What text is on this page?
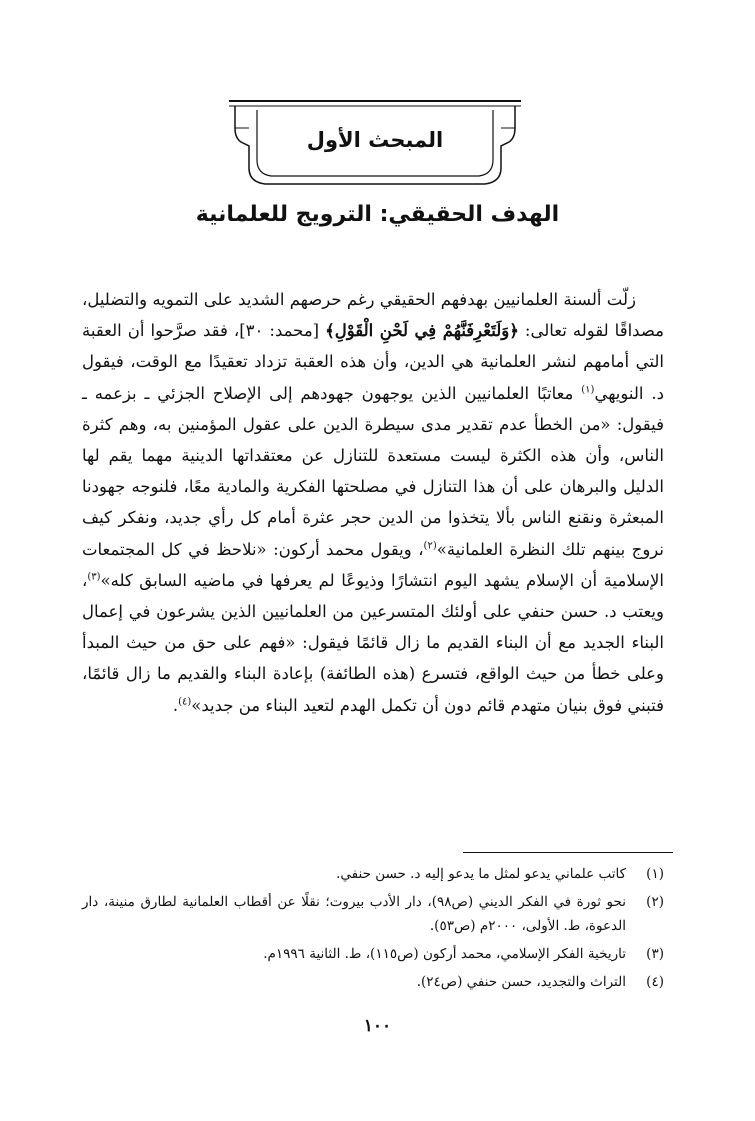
المبحث الأول
الهدف الحقيقي: الترويج للعلمانية

زلّت ألسنة العلمانيين بهدفهم الحقيقي رغم حرصهم الشديد على التمويه والتضليل، مصداقًا لقوله تعالى: ﴿وَلَتَعْرِفَنَّهُمْ فِي لَحْنِ الْقَوْلِ﴾ [محمد: ٣٠]، فقد صرَّحوا أن العقبة التي أمامهم لنشر العلمانية هي الدين، وأن هذه العقبة تزداد تعقيدًا مع الوقت، فيقول د. النويهي$^{(١)}$ معاتبًا العلمانيين الذين يوجهون جهودهم إلى الإصلاح الجزئي ـ بزعمه ـ فيقول: «من الخطأ عدم تقدير مدى سيطرة الدين على عقول المؤمنين به، وهم كثرة الناس، وأن هذه الكثرة ليست مستعدة للتنازل عن معتقداتها الدينية مهما يقم لها الدليل والبرهان على أن هذا التنازل في مصلحتها الفكرية والمادية معًا، فلنوجه جهودنا المبعثرة ونقنع الناس بألا يتخذوا من الدين حجر عثرة أمام كل رأي جديد، ونفكر كيف نروج بينهم تلك النظرة العلمانية»$^{(٢)}$، ويقول محمد أركون: «نلاحظ في كل المجتمعات الإسلامية أن الإسلام يشهد اليوم انتشارًا وذيوعًا لم يعرفها في ماضيه السابق كله»$^{(٣)}$، ويعتب د. حسن حنفي على أولئك المتسرعين من العلمانيين الذين يشرعون في إعمال البناء الجديد مع أن البناء القديم ما زال قائمًا فيقول: «فهم على حق من حيث المبدأ وعلى خطأ من حيث الواقع، فتسرع (هذه الطائفة) بإعادة البناء والقديم ما زال قائمًا، فتبني فوق بنيان متهدم قائم دون أن تكمل الهدم لتعيد البناء من جديد»$^{(٤)}$.

(١)
كاتب علماني يدعو لمثل ما يدعو إليه د. حسن حنفي.
(٢)
نحو ثورة في الفكر الديني (ص٩٨)، دار الأدب بيروت؛ نقلًا عن أقطاب العلمانية لطارق منينة، دار الدعوة، ط. الأولى، ٢٠٠٠م (ص٥٣).
(٣)
تاريخية الفكر الإسلامي، محمد أركون (ص١١٥)، ط. الثانية ١٩٩٦م.
(٤)
التراث والتجديد، حسن حنفي (ص٢٤).
١٠٠
